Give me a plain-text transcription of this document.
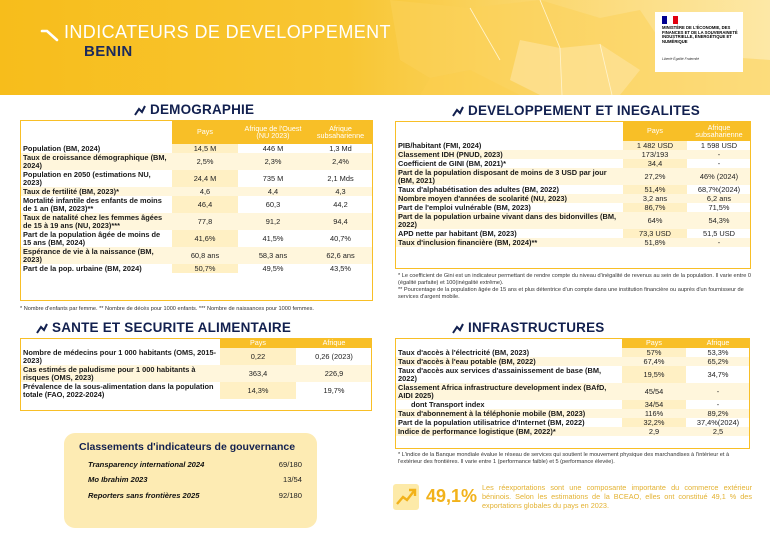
INDICATEURS DE DEVELOPPEMENT
BENIN
MINISTÈRE DE L'ÉCONOMIE, DES FINANCES ET DE LA SOUVERAINETÉ INDUSTRIELLE, ÉNERGÉTIQUE ET NUMÉRIQUE
Liberté Égalité Fraternité
DEMOGRAPHIE
	Pays	Afrique de l'Ouest (NU 2023)	Afrique subsaharienne
Population (BM, 2024)	14,5 M	446 M	1,3 Md
Taux de croissance démographique (BM, 2024)	2,5%	2,3%	2,4%
Population en 2050 (estimations NU, 2023)	24,4 M	735 M	2,1 Mds
Taux de fertilité (BM, 2023)*	4,6	4,4	4,3
Mortalité infantile des enfants de moins de 1 an (BM, 2023)**	46,4	60,3	44,2
Taux de natalité chez les femmes âgées de 15 à 19 ans (NU, 2023)***	77,8	91,2	94,4
Part de la population âgée de moins de 15 ans (BM, 2024)	41,6%	41,5%	40,7%
Espérance de vie à la naissance (BM, 2023)	60,8 ans	58,3 ans	62,6 ans
Part de la pop. urbaine (BM, 2024)	50,7%	49,5%	43,5%
* Nombre d'enfants par femme. ** Nombre de décès pour 1000 enfants. *** Nombre de naissances pour 1000 femmes.
DEVELOPPEMENT ET INEGALITES
	Pays	Afrique subsaharienne
PIB/habitant (FMI, 2024)	1 482 USD	1 598 USD
Classement IDH (PNUD, 2023)	173/193	-
Coefficient de GINI (BM, 2021)*	34,4	-
Part de la population disposant de moins de 3 USD par jour (BM, 2021)	27,2%	46% (2024)
Taux d'alphabétisation des adultes (BM, 2022)	51,4%	68,7%(2024)
Nombre moyen d'années de scolarité (NU, 2023)	3,2 ans	6,2 ans
Part de l'emploi vulnérable (BM, 2023)	86,7%	71,5%
Part de la population urbaine vivant dans des bidonvilles (BM, 2022)	64%	54,3%
APD nette par habitant (BM, 2023)	73,3 USD	51,5 USD
Taux d'inclusion financière (BM, 2024)**	51,8%	-
* Le coefficient de Gini est un indicateur permettant de rendre compte du niveau d'inégalité de revenus au sein de la population. Il varie entre 0 (égalité parfaite) et 100(inégalité extrême).
** Pourcentage de la population âgée de 15 ans et plus détentrice d'un compte dans une institution financière ou auprès d'un fournisseur de services d'argent mobile.
SANTE ET SECURITE ALIMENTAIRE
	Pays	Afrique
Nombre de médecins pour 1 000 habitants (OMS, 2015-2023)	0,22	0,26 (2023)
Cas estimés de paludisme pour 1 000 habitants à risques (OMS, 2023)	363,4	226,9
Prévalence de la sous-alimentation dans la population totale (FAO, 2022-2024)	14,3%	19,7%
Classements d'indicateurs de gouvernance
Transparency international 2024	69/180
Mo Ibrahim 2023	13/54
Reporters sans frontières 2025	92/180
INFRASTRUCTURES
	Pays	Afrique
Taux d'accès à l'électricité (BM, 2023)	57%	53,3%
Taux d'accès à l'eau potable (BM, 2022)	67,4%	65,2%
Taux d'accès aux services d'assainissement de base (BM, 2022)	19,5%	34,7%
Classement Africa infrastructure development index (BAfD, AIDI 2025)	45/54	-
dont Transport index	34/54	-
Taux d'abonnement à la téléphonie mobile (BM, 2023)	116%	89,2%
Part de la population utilisatrice d'Internet (BM, 2022)	32,2%	37,4%(2024)
Indice de performance logistique (BM, 2022)*	2,9	2,5
* L'indice de la Banque mondiale évalue le réseau de services qui soutient le mouvement physique des marchandises à l'intérieur et à l'extérieur des frontières. Il varie entre 1 (performance faible) et 5 (performance élevée).
49,1% Les réexportations sont une composante importante du commerce extérieur béninois. Selon les estimations de la BCEAO, elles ont constitué 49,1 % des exportations globales du pays en 2023.
